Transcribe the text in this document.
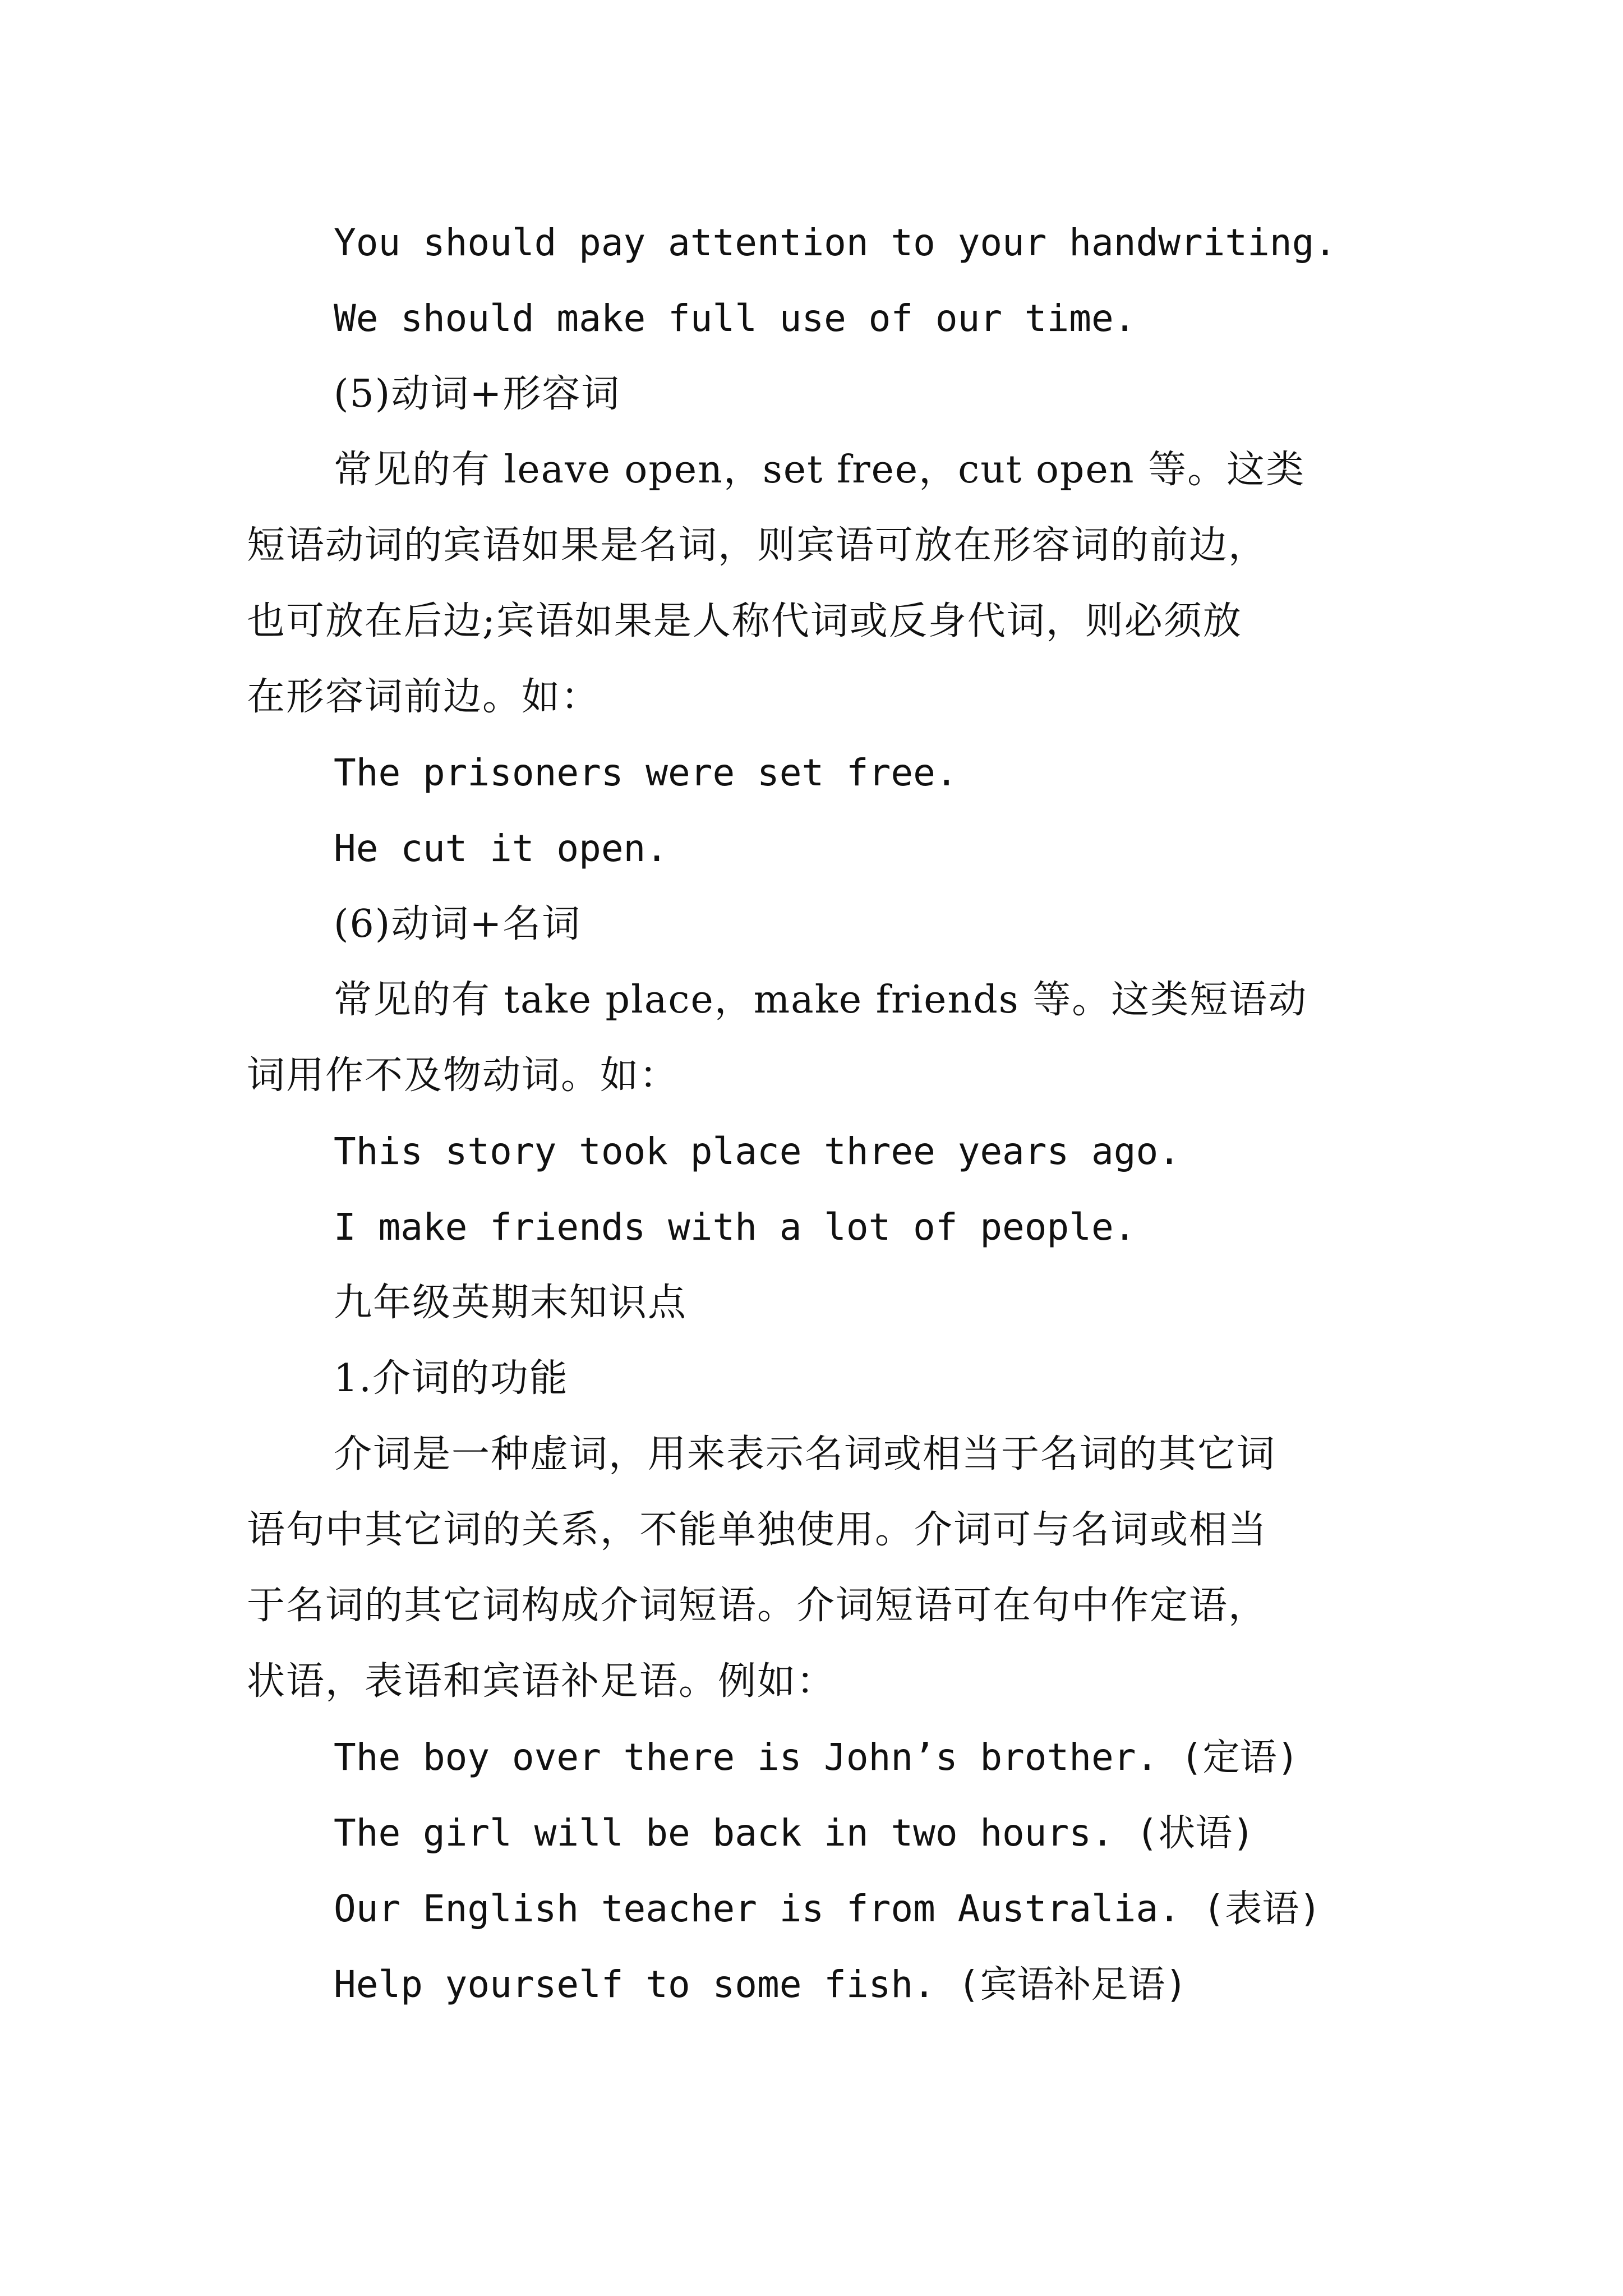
You should pay attention to your handwriting.
We should make full use of our time.
(5)动词+形容词
常见的有 leave open，set free，cut open 等。这类
短语动词的宾语如果是名词，则宾语可放在形容词的前边，
也可放在后边;宾语如果是人称代词或反身代词，则必须放
在形容词前边。如：
The prisoners were set free.
He cut it open.
(6)动词+名词
常见的有 take place，make friends 等。这类短语动
词用作不及物动词。如：
This story took place three years ago.
I make friends with a lot of people.
九年级英期末知识点
1.介词的功能
介词是一种虚词，用来表示名词或相当于名词的其它词
语句中其它词的关系，不能单独使用。介词可与名词或相当
于名词的其它词构成介词短语。介词短语可在句中作定语，
状语，表语和宾语补足语。例如：
The boy over there is John’s brother. (定语)
The girl will be back in two hours. (状语)
Our English teacher is from Australia. (表语)
Help yourself to some fish. (宾语补足语)
